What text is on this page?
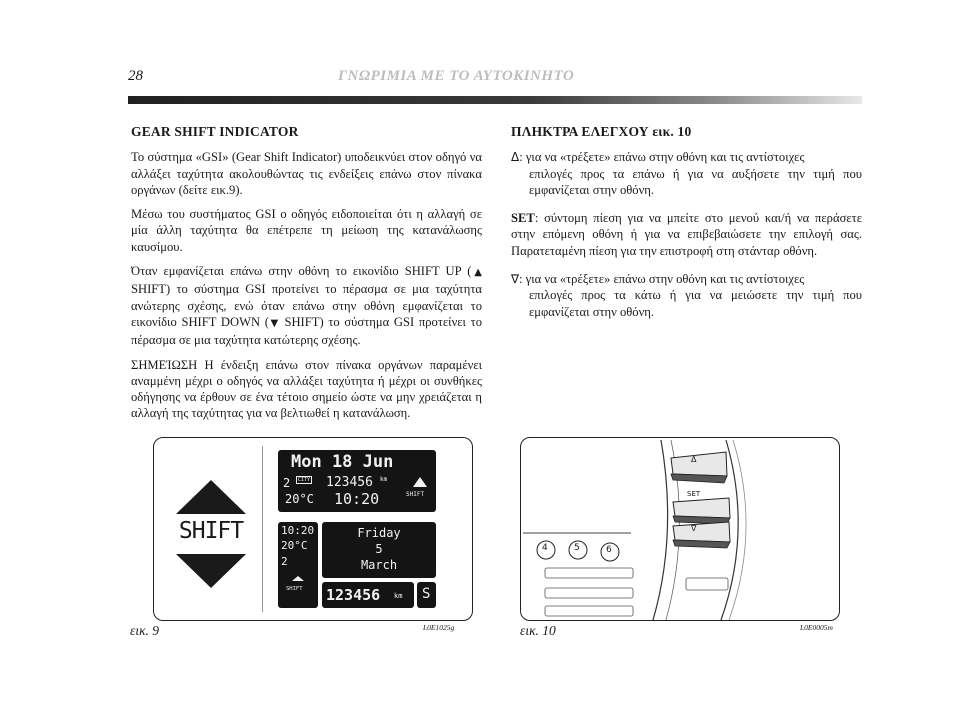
28	ΓΝΩΡΙΜΙΑ ΜΕ ΤΟ ΑΥΤΟΚΙΝΗΤΟ
GEAR SHIFT INDICATOR

Το σύστημα «GSI» (Gear Shift Indicator) υποδεικνύει στον οδηγό να αλλάξει ταχύτητα ακολουθώντας τις ενδείξεις επάνω στον πίνακα οργάνων (δείτε εικ.9).

Μέσω του συστήματος GSI ο οδηγός ειδοποιείται ότι η αλλαγή σε μία άλλη ταχύτητα θα επέτρεπε τη μείωση της κατανάλωσης καυσίμου.

Όταν εμφανίζεται επάνω στην οθόνη το εικονίδιο SHIFT UP (▲ SHIFT) το σύστημα GSI προτείνει το πέρασμα σε μια ταχύτητα ανώτερης σχέσης, ενώ όταν επάνω στην οθόνη εμφανίζεται το εικονίδιο SHIFT DOWN (▼ SHIFT) το σύστημα GSI προτείνει το πέρασμα σε μια ταχύτητα κατώτερης σχέσης.

ΣΗΜΕΊΩΣΗ Η ένδειξη επάνω στον πίνακα οργάνων παραμένει αναμμένη μέχρι ο οδηγός να αλλάξει ταχύτητα ή μέχρι οι συνθήκες οδήγησης να έρθουν σε ένα τέτοιο σημείο ώστε να μην χρειάζεται η αλλαγή της ταχύτητας για να βελτιωθεί η κατανάλωση.

ΠΛΗΚΤΡΑ ΕΛΕΓΧΟΥ εικ. 10
Δ: για να «τρέξετε» επάνω στην οθόνη και τις αντίστοιχες
επιλογές προς τα επάνω ή για να αυξήσετε την τιμή που εμφανίζεται στην οθόνη.
SET: σύντομη πίεση για να μπείτε στο μενού και/ή να περάσετε στην επόμενη οθόνη ή για να επιβεβαιώσετε την επιλογή σας. Παρατεταμένη πίεση για την επιστροφή στη στάνταρ οθόνη.
∇: για να «τρέξετε» επάνω στην οθόνη και τις αντίστοιχες
επιλογές προς τα κάτω ή για να μειώσετε την τιμή που εμφανίζεται στην οθόνη.
SHIFT
Mon 18 Jun
2	CITY 123456 km
20°C 10:20	SHIFT
10:20
20°C
2
SHIFT
Friday
5
March
123456 km S
εικ. 9	L0E1025g
Δ
SET
∇
4	5	6
εικ. 10	L0E0005m
